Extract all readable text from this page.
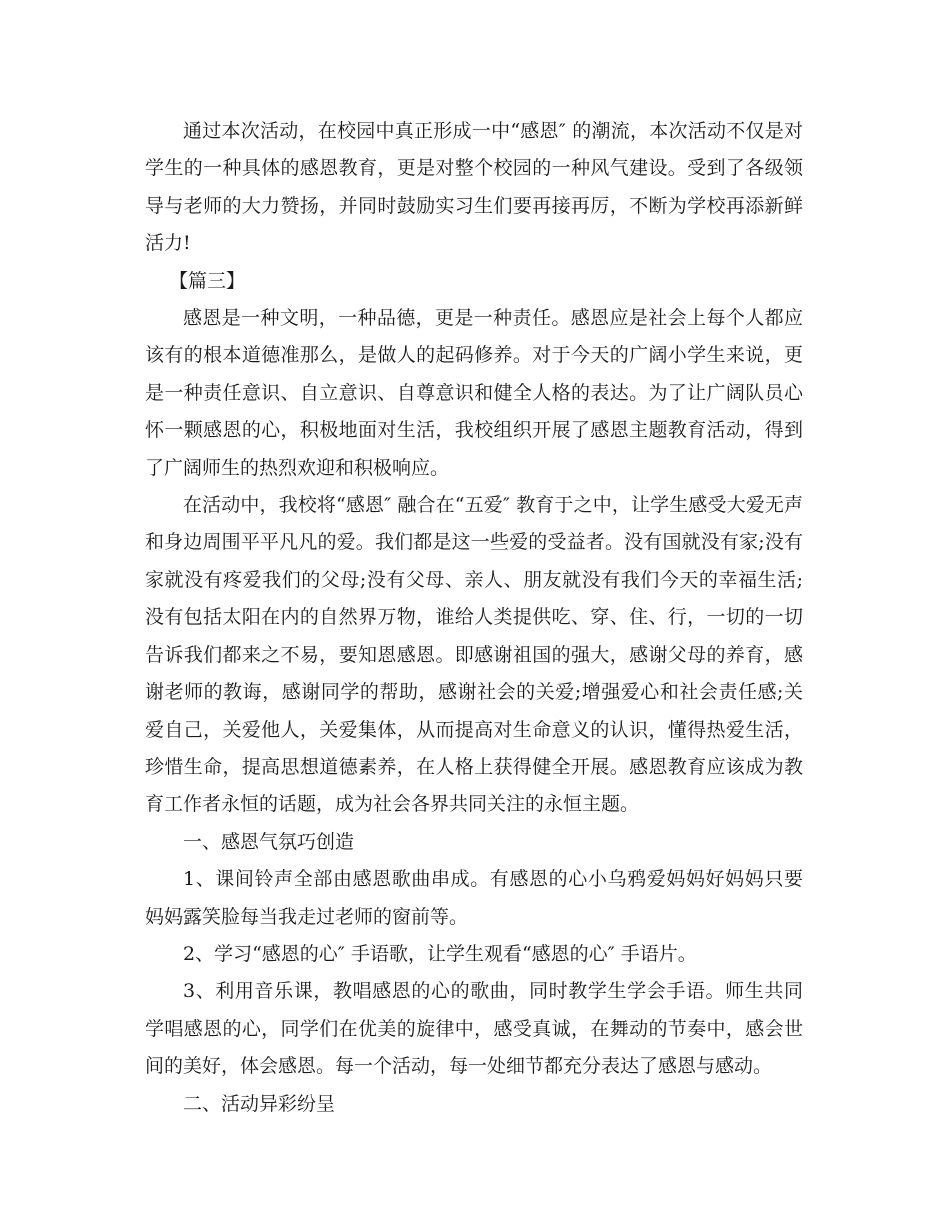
通过本次活动，在校园中真正形成一中“感恩″ 的潮流，本次活动不仅是对学生的一种具体的感恩教育，更是对整个校园的一种风气建设。受到了各级领导与老师的大力赞扬，并同时鼓励实习生们要再接再厉，不断为学校再添新鲜活力!

【篇三】

感恩是一种文明，一种品德，更是一种责任。感恩应是社会上每个人都应该有的根本道德准那么，是做人的起码修养。对于今天的广阔小学生来说，更是一种责任意识、自立意识、自尊意识和健全人格的表达。为了让广阔队员心怀一颗感恩的心，积极地面对生活，我校组织开展了感恩主题教育活动，得到了广阔师生的热烈欢迎和积极响应。

在活动中，我校将“感恩″ 融合在“五爱″ 教育于之中，让学生感受大爱无声和身边周围平平凡凡的爱。我们都是这一些爱的受益者。没有国就没有家;没有家就没有疼爱我们的父母;没有父母、亲人、朋友就没有我们今天的幸福生活;没有包括太阳在内的自然界万物，谁给人类提供吃、穿、住、行，一切的一切告诉我们都来之不易，要知恩感恩。即感谢祖国的强大，感谢父母的养育，感谢老师的教诲，感谢同学的帮助，感谢社会的关爱;增强爱心和社会责任感;关爱自己，关爱他人，关爱集体，从而提高对生命意义的认识，懂得热爱生活，珍惜生命，提高思想道德素养，在人格上获得健全开展。感恩教育应该成为教育工作者永恒的话题，成为社会各界共同关注的永恒主题。

一、感恩气氛巧创造

1、课间铃声全部由感恩歌曲串成。有感恩的心小乌鸦爱妈妈好妈妈只要妈妈露笑脸每当我走过老师的窗前等。

2、学习“感恩的心″ 手语歌，让学生观看“感恩的心″ 手语片。

3、利用音乐课，教唱感恩的心的歌曲，同时教学生学会手语。师生共同学唱感恩的心，同学们在优美的旋律中，感受真诚，在舞动的节奏中，感会世间的美好，体会感恩。每一个活动，每一处细节都充分表达了感恩与感动。

二、活动异彩纷呈
